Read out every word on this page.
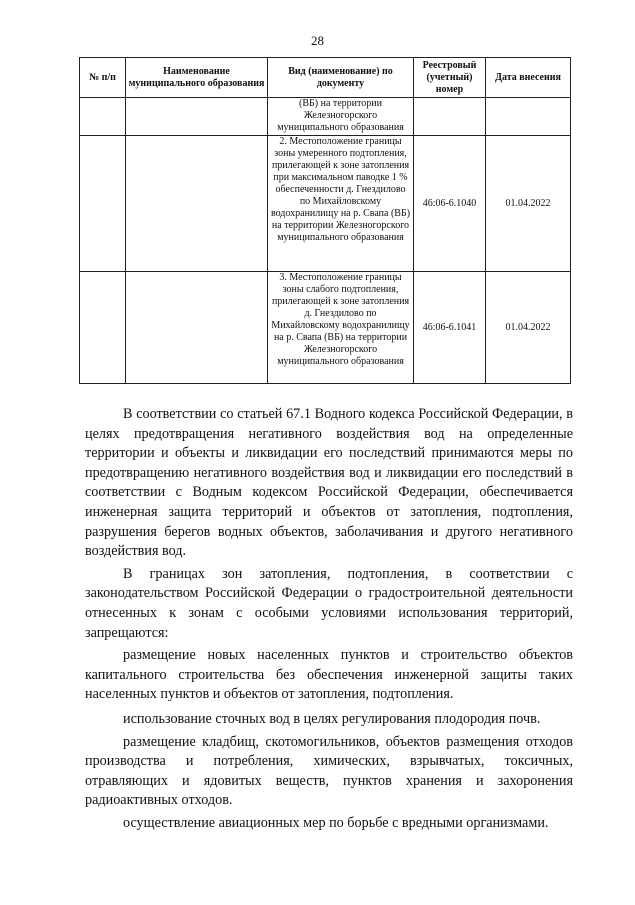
28
№ п/п	Наименование муниципального образования	Вид (наименование) по документу	Реестровый (учетный) номер	Дата внесения
		(ВБ) на территории Железногорского муниципального образования		
		2. Местоположение границы зоны умеренного подтопления, прилегающей к зоне затопления при максимальном паводке 1 % обеспеченности д. Гнездилово по Михайловскому водохранилищу на р. Свапа (ВБ) на территории Железногорского муниципального образования	46:06-6.1040	01.04.2022
		3. Местоположение границы зоны слабого подтопления, прилегающей к зоне затопления д. Гнездилово по Михайловскому водохранилищу на р. Свапа (ВБ) на территории Железногорского муниципального образования	46:06-6.1041	01.04.2022

В соответствии со статьей 67.1 Водного кодекса Российской Федерации, в целях предотвращения негативного воздействия вод на определенные территории и объекты и ликвидации его последствий принимаются меры по предотвращению негативного воздействия вод и ликвидации его последствий в соответствии с Водным кодексом Российской Федерации, обеспечивается инженерная защита территорий и объектов от затопления, подтопления, разрушения берегов водных объектов, заболачивания и другого негативного воздействия вод.

В границах зон затопления, подтопления, в соответствии с законодательством Российской Федерации о градостроительной деятельности отнесенных к зонам с особыми условиями использования территорий, запрещаются:

размещение новых населенных пунктов и строительство объектов капитального строительства без обеспечения инженерной защиты таких населенных пунктов и объектов от затопления, подтопления.

использование сточных вод в целях регулирования плодородия почв.

размещение кладбищ, скотомогильников, объектов размещения отходов производства и потребления, химических, взрывчатых, токсичных, отравляющих и ядовитых веществ, пунктов хранения и захоронения радиоактивных отходов.

осуществление авиационных мер по борьбе с вредными организмами.
